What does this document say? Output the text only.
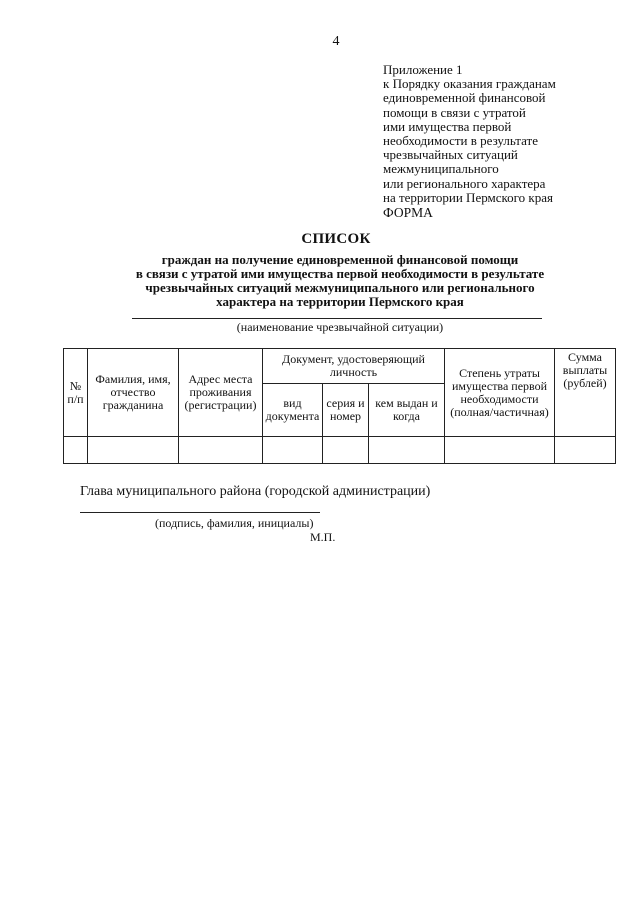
4
Приложение 1
к Порядку оказания гражданам
единовременной финансовой
помощи в связи с утратой
ими имущества первой
необходимости в результате
чрезвычайных ситуаций
межмуниципального
или регионального характера
на территории Пермского края
ФОРМА
СПИСОК
граждан на получение единовременной финансовой помощи
в связи с утратой ими имущества первой необходимости в результате
чрезвычайных ситуаций межмуниципального или регионального
характера на территории Пермского края
(наименование чрезвычайной ситуации)
№ п/п	Фамилия, имя, отчество гражданина	Адрес места проживания (регистрации)	Документ, удостоверяющий личность			Степень утраты имущества первой необходимости (полная/частичная)	Сумма выплаты (рублей)
			вид документа	серия и номер	кем выдан и когда		

Глава муниципального района (городской администрации)
(подпись, фамилия, инициалы)
М.П.
